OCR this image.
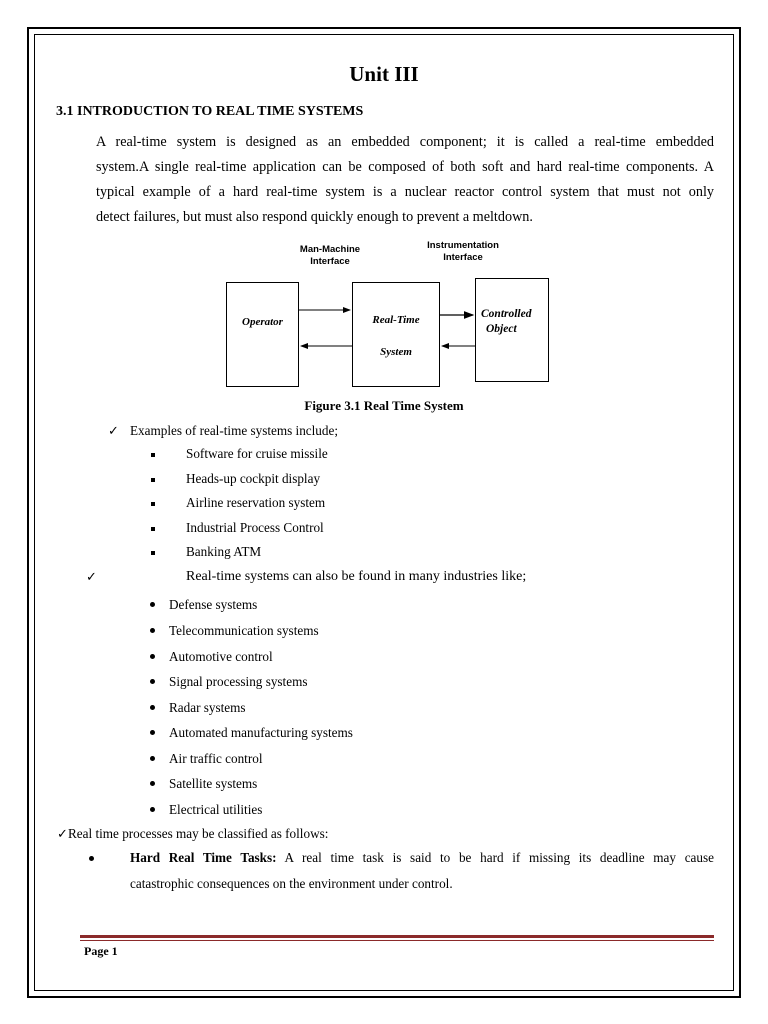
Unit III
3.1 INTRODUCTION TO REAL TIME SYSTEMS
A real-time system is designed as an embedded component; it is called a real-time embedded
system.A single real-time application can be composed of both soft and hard real-time components. A
typical example of a hard real-time system is a nuclear reactor control system that must not only
detect failures, but must also respond quickly enough to prevent a meltdown.
Man-Machine
Interface
Instrumentation
Interface
Operator	Real-Time
System
Controlled
Object
Figure 3.1 Real Time System
✓ Examples of real-time systems include;
Software for cruise missile
Heads-up cockpit display
Airline reservation system
Industrial Process Control
Banking ATM
✓	Real-time systems can also be found in many industries like;
Defense systems
Telecommunication systems
Automotive control
Signal processing systems
Radar systems
Automated manufacturing systems
Air traffic control
Satellite systems
Electrical utilities
✓ Real time processes may be classified as follows:
Hard Real Time Tasks: A real time task is said to be hard if missing its deadline may cause
catastrophic consequences on the environment under control.
Page 1
